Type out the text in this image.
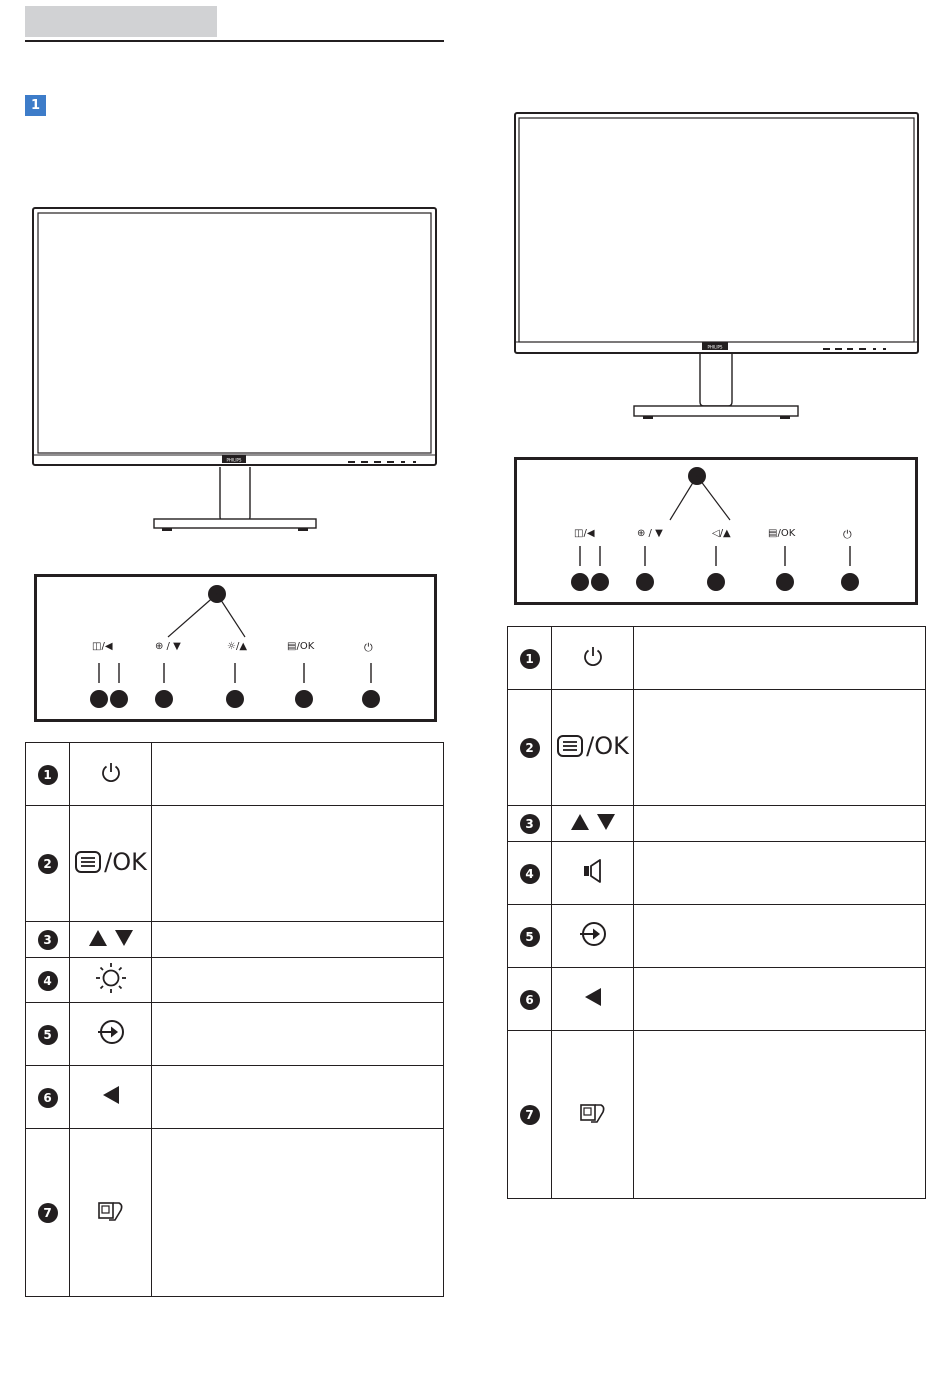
1
PHILIPS
◫/◀	⊕ / ▼	☼/▲	▤/OK	⏻
1		
2	/OK	

3	

4		
5		
6		
7		
PHILIPS
◫/◀	⊕ / ▼	◁/▲	▤/OK	⏻
1		
2	/OK	

3	

4		
5		
6		
7		
